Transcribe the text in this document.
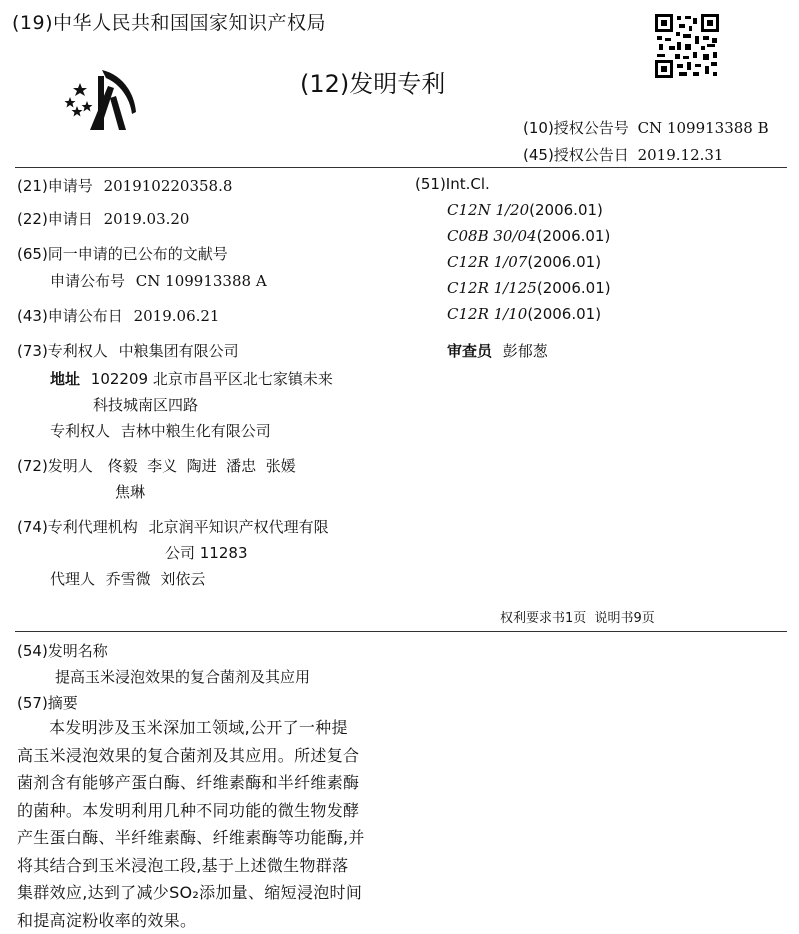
(19)中华人民共和国国家知识产权局
(12)发明专利
(10)授权公告号 CN 109913388 B
(45)授权公告日 2019.12.31
(21)申请号 201910220358.8
(22)申请日 2019.03.20
(65)同一申请的已公布的文献号
申请公布号 CN 109913388 A
(43)申请公布日 2019.06.21
(73)专利权人 中粮集团有限公司
地址 102209 北京市昌平区北七家镇未来
科技城南区四路
专利权人 吉林中粮生化有限公司
(72)发明人 佟毅  李义  陶进  潘忠  张媛
焦琳
(74)专利代理机构 北京润平知识产权代理有限
公司 11283
代理人 乔雪微  刘依云
(51)Int.Cl.
C12N 1/20(2006.01)
C08B 30/04(2006.01)
C12R 1/07(2006.01)
C12R 1/125(2006.01)
C12R 1/10(2006.01)
审查员 彭郁葱
权利要求书1页  说明书9页
(54)发明名称
提高玉米浸泡效果的复合菌剂及其应用
(57)摘要
本发明涉及玉米深加工领域,公开了一种提
高玉米浸泡效果的复合菌剂及其应用。所述复合
菌剂含有能够产蛋白酶、纤维素酶和半纤维素酶
的菌种。本发明利用几种不同功能的微生物发酵
产生蛋白酶、半纤维素酶、纤维素酶等功能酶,并
将其结合到玉米浸泡工段,基于上述微生物群落
集群效应,达到了减少SO₂添加量、缩短浸泡时间
和提高淀粉收率的效果。
